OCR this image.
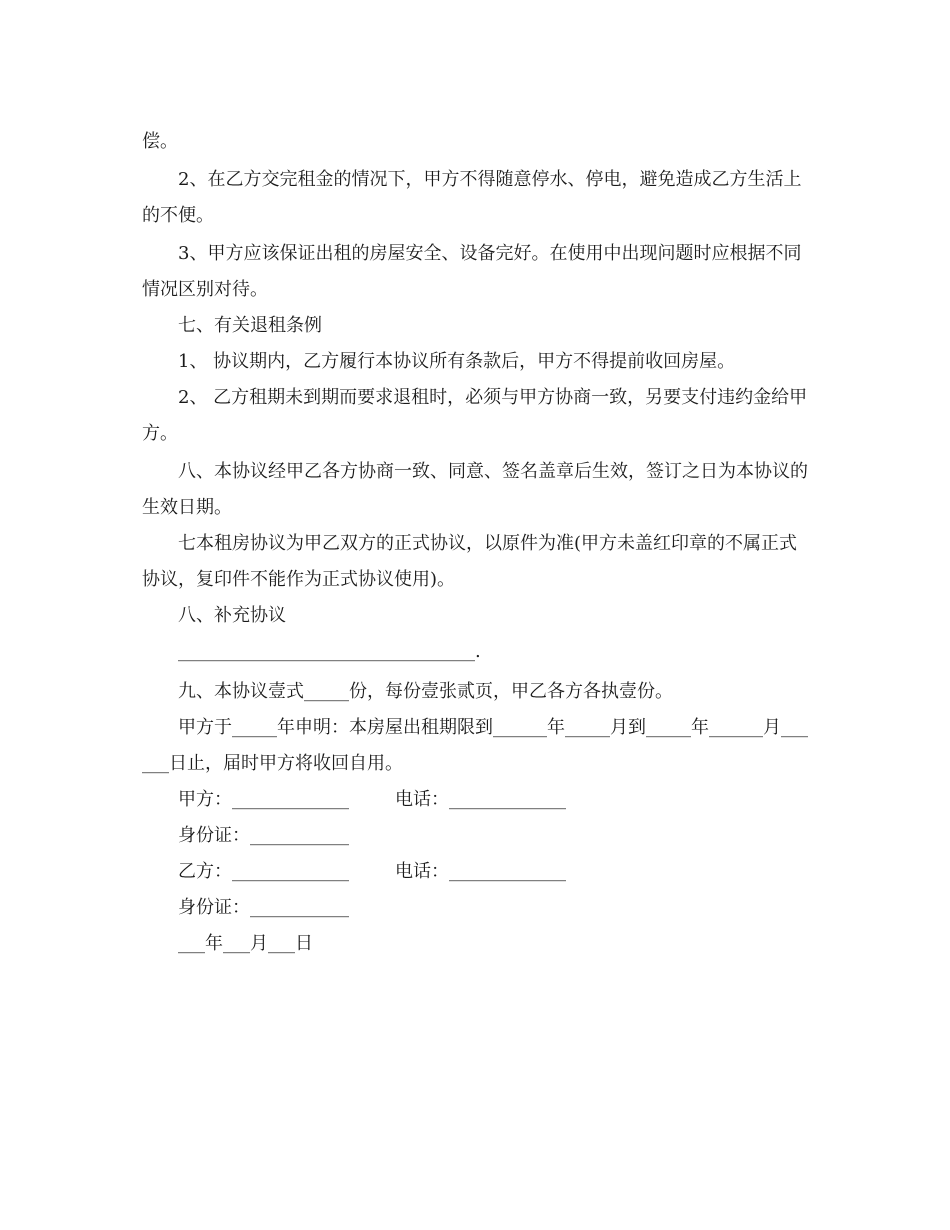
偿。
2、在乙方交完租金的情况下，甲方不得随意停水、停电，避免造成乙方生活上的不便。
3、甲方应该保证出租的房屋安全、设备完好。在使用中出现问题时应根据不同情况区别对待。
七、有关退租条例
1、 协议期内，乙方履行本协议所有条款后，甲方不得提前收回房屋。
2、 乙方租期未到期而要求退租时，必须与甲方协商一致，另要支付违约金给甲方。
八、本协议经甲乙各方协商一致、同意、签名盖章后生效，签订之日为本协议的生效日期。
七本租房协议为甲乙双方的正式协议，以原件为准(甲方未盖红印章的不属正式协议，复印件不能作为正式协议使用)。
八、补充协议
_________________________________.
九、本协议壹式_____份，每份壹张贰页，甲乙各方各执壹份。
甲方于_____年申明：本房屋出租期限到______年_____月到_____年______月______日止，届时甲方将收回自用。
甲方：_____________	电话：_____________
身份证：___________
乙方：_____________	电话：_____________
身份证：___________
___年___月___日
